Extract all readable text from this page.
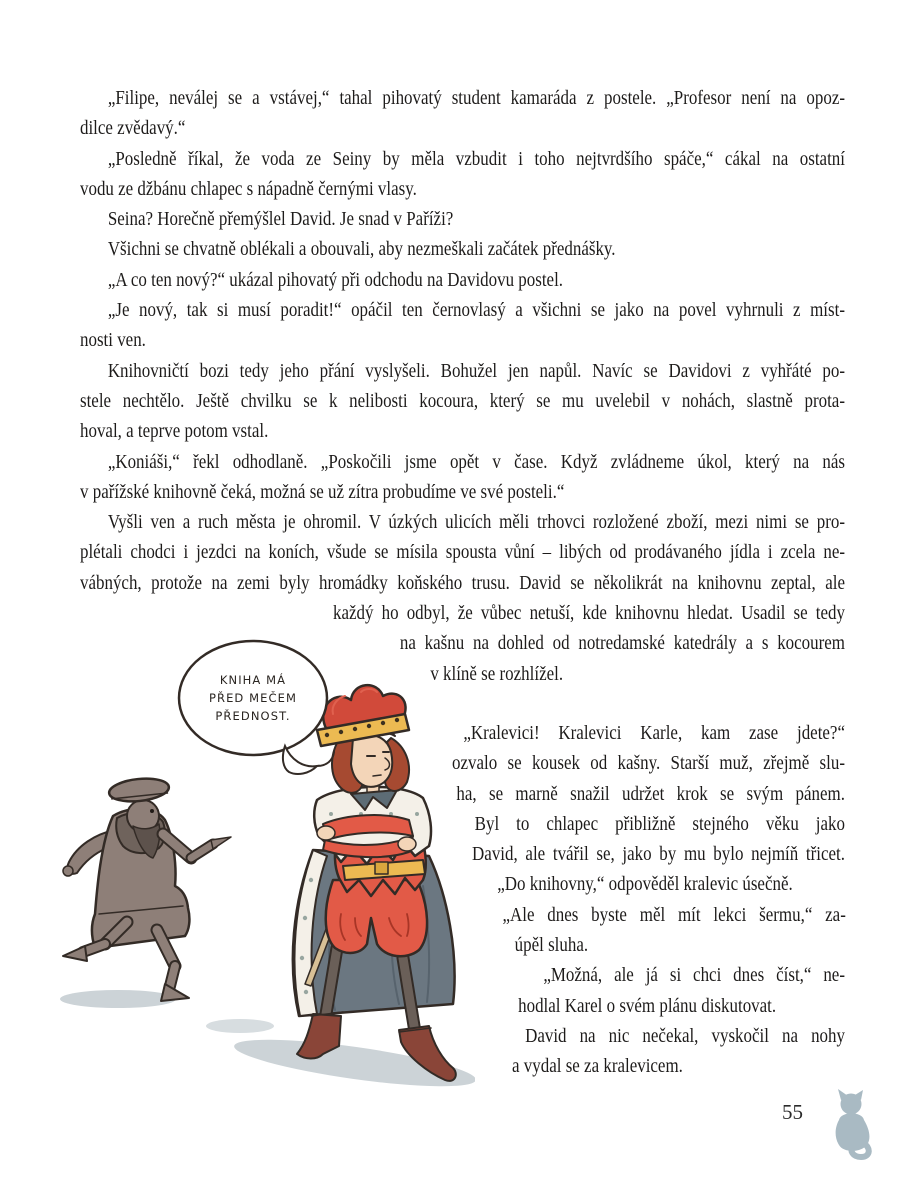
„Filipe, neválej se a vstávej,“ tahal pihovatý student kamaráda z postele. „Profesor není na opoz-
dilce zvědavý.“
„Posledně říkal, že voda ze Seiny by měla vzbudit i toho nejtvrdšího spáče,“ cákal na ostatní
vodu ze džbánu chlapec s nápadně černými vlasy.
Seina? Horečně přemýšlel David. Je snad v Paříži?
Všichni se chvatně oblékali a obouvali, aby nezmeškali začátek přednášky.
„A co ten nový?“ ukázal pihovatý při odchodu na Davidovu postel.
„Je nový, tak si musí poradit!“ opáčil ten černovlasý a všichni se jako na povel vyhrnuli z míst-
nosti ven.
Knihovničtí bozi tedy jeho přání vyslyšeli. Bohužel jen napůl. Navíc se Davidovi z vyhřáté po-
stele nechtělo. Ještě chvilku se k nelibosti kocoura, který se mu uvelebil v nohách, slastně prota-
hoval, a teprve potom vstal.
„Koniáši,“ řekl odhodlaně. „Poskočili jsme opět v čase. Když zvládneme úkol, který na nás
v pařížské knihovně čeká, možná se už zítra probudíme ve své posteli.“
Vyšli ven a ruch města je ohromil. V úzkých ulicích měli trhovci rozložené zboží, mezi nimi se pro-
plétali chodci i jezdci na koních, všude se mísila spousta vůní – libých od prodávaného jídla i zcela ne-
vábných, protože na zemi byly hromádky koňského trusu. David se několikrát na knihovnu zeptal, ale
každý ho odbyl, že vůbec netuší, kde knihovnu hledat. Usadil se tedy
na kašnu na dohled od notredamské katedrály a s kocourem
v klíně se rozhlížel.
„Kralevici! Kralevici Karle, kam zase jdete?“
ozvalo se kousek od kašny. Starší muž, zřejmě slu-
ha, se marně snažil udržet krok se svým pánem.
Byl to chlapec přibližně stejného věku jako
David, ale tvářil se, jako by mu bylo nejmíň třicet.
„Do knihovny,“ odpověděl kralevic úsečně.
„Ale dnes byste měl mít lekci šermu,“ za-
úpěl sluha.
„Možná, ale já si chci dnes číst,“ ne-
hodlal Karel o svém plánu diskutovat.
David na nic nečekal, vyskočil na nohy
a vydal se za kralevicem.
KNIHA MÁ
PŘED MEČEM
PŘEDNOST.
55
